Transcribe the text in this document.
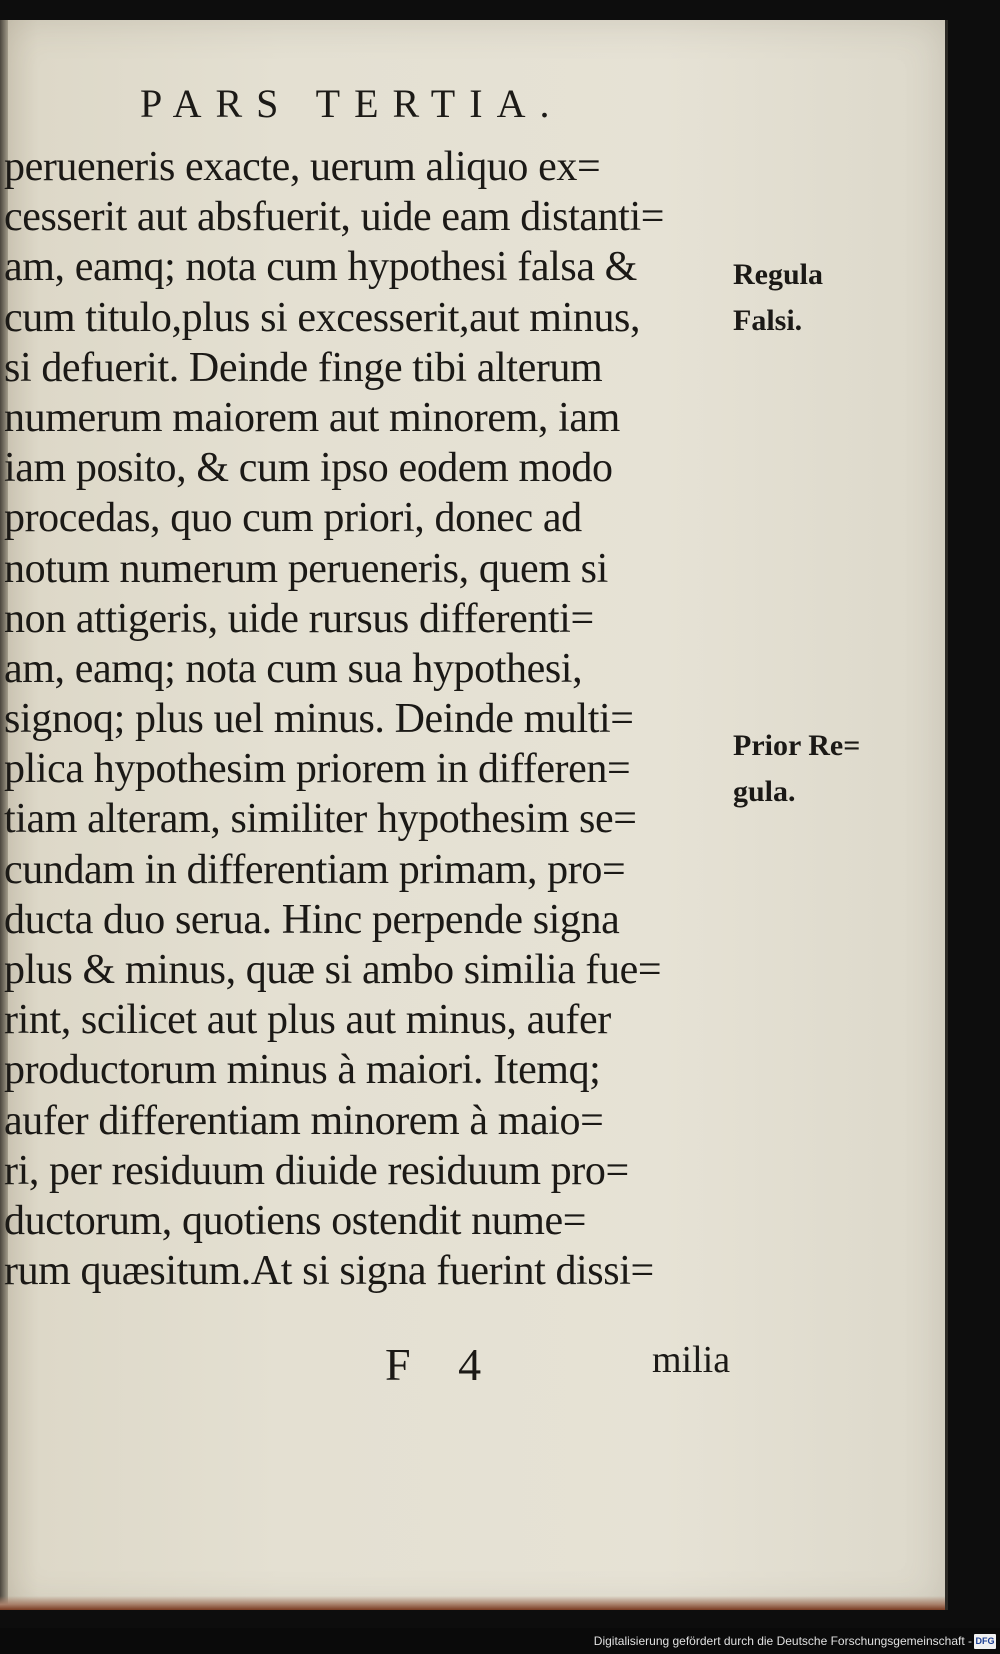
PARS TERTIA.
perueneris exacte, uerum aliquo ex=
cesserit aut absfuerit, uide eam distanti=
am, eamq; nota cum hypothesi falsa &
cum titulo,plus si excesserit,aut minus,
si defuerit. Deinde finge tibi alterum
numerum maiorem aut minorem, iam
iam posito, & cum ipso eodem modo
procedas, quo cum priori, donec ad
notum numerum perueneris, quem si
non attigeris, uide rursus differenti=
am, eamq; nota cum sua hypothesi,
signoq; plus uel minus. Deinde multi=
plica hypothesim priorem in differen=
tiam alteram, similiter hypothesim se=
cundam in differentiam primam, pro=
ducta duo serua. Hinc perpende signa
plus & minus, quæ si ambo similia fue=
rint, scilicet aut plus aut minus, aufer
productorum minus à maiori. Itemq;
aufer differentiam minorem à maio=
ri, per residuum diuide residuum pro=
ductorum, quotiens ostendit nume=
rum quæsitum.At si signa fuerint dissi=
Regula
Falsi.
Prior Re=
gula.
F 4	milia
Digitalisierung gefördert durch die Deutsche Forschungsgemeinschaft - DFG
